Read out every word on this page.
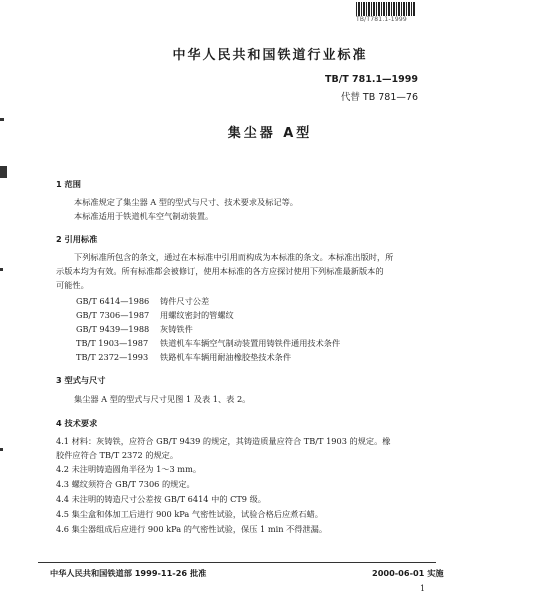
TB/T781.1-1999
中华人民共和国铁道行业标准
TB/T 781.1—1999
代替 TB 781—76
集尘器 A型
1 范围
本标准规定了集尘器 A 型的型式与尺寸、技术要求及标记等。
本标准适用于铁道机车空气制动装置。
2 引用标准
下列标准所包含的条文，通过在本标准中引用而构成为本标准的条文。本标准出版时，所
示版本均为有效。所有标准都会被修订，使用本标准的各方应探讨使用下列标准最新版本的
可能性。
GB/T 6414—1986	铸件尺寸公差
GB/T 7306—1987	用螺纹密封的管螺纹
GB/T 9439—1988	灰铸铁件
TB/T 1903—1987	铁道机车车辆空气制动装置用铸铁件通用技术条件
TB/T 2372—1993	铁路机车车辆用耐油橡胶垫技术条件
3 型式与尺寸
集尘器 A 型的型式与尺寸见图 1 及表 1、表 2。
4 技术要求
4.1 材料：灰铸铁，应符合 GB/T 9439 的规定，其铸造质量应符合 TB/T 1903 的规定。橡
胶件应符合 TB/T 2372 的规定。
4.2 未注明铸造圆角半径为 1～3 mm。
4.3 螺纹须符合 GB/T 7306 的规定。
4.4 未注明的铸造尺寸公差按 GB/T 6414 中的 CT9 级。
4.5 集尘盒和体加工后进行 900 kPa 气密性试验，试验合格后应煮石蜡。
4.6 集尘器组成后应进行 900 kPa 的气密性试验，保压 1 min 不得泄漏。
中华人民共和国铁道部 1999-11-26 批准	2000-06-01 实施
1
